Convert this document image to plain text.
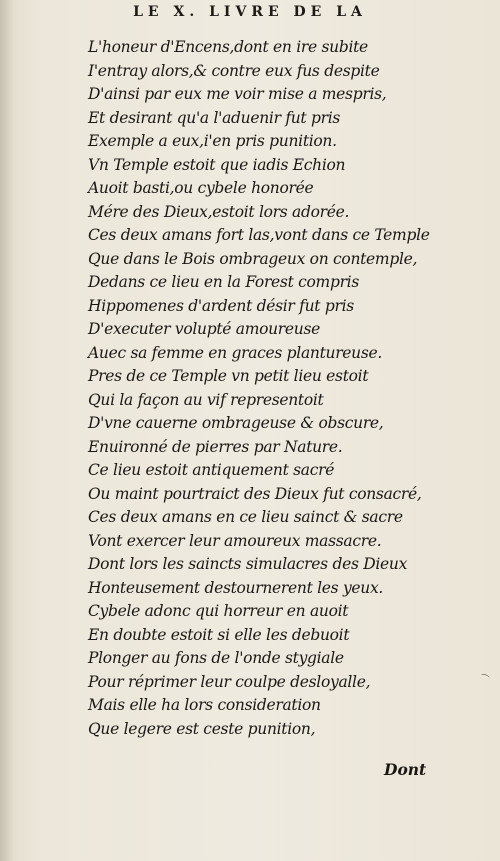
LE X. LIVRE DE LA
L'honeur d'Encens,dont en ire subite
I'entray alors,& contre eux fus despite
D'ainsi par eux me voir mise a mespris,
Et desirant qu'a l'aduenir fut pris
Exemple a eux,i'en pris punition.
Vn Temple estoit que iadis Echion
Auoit basti,ou cybele honorée
Mére des Dieux,estoit lors adorée.
Ces deux amans fort las,vont dans ce Temple
Que dans le Bois ombrageux on contemple,
Dedans ce lieu en la Forest compris
Hippomenes d'ardent désir fut pris
D'executer volupté amoureuse
Auec sa femme en graces plantureuse.
Pres de ce Temple vn petit lieu estoit
Qui la façon au vif representoit
D'vne cauerne ombrageuse & obscure,
Enuironné de pierres par Nature.
Ce lieu estoit antiquement sacré
Ou maint pourtraict des Dieux fut consacré,
Ces deux amans en ce lieu sainct & sacre
Vont exercer leur amoureux massacre.
Dont lors les saincts simulacres des Dieux
Honteusement destournerent les yeux.
Cybele adonc qui horreur en auoit
En doubte estoit si elle les debuoit
Plonger au fons de l'onde stygiale
Pour réprimer leur coulpe desloyalle,
Mais elle ha lors consideration
Que legere est ceste punition,
Dont
⌒
